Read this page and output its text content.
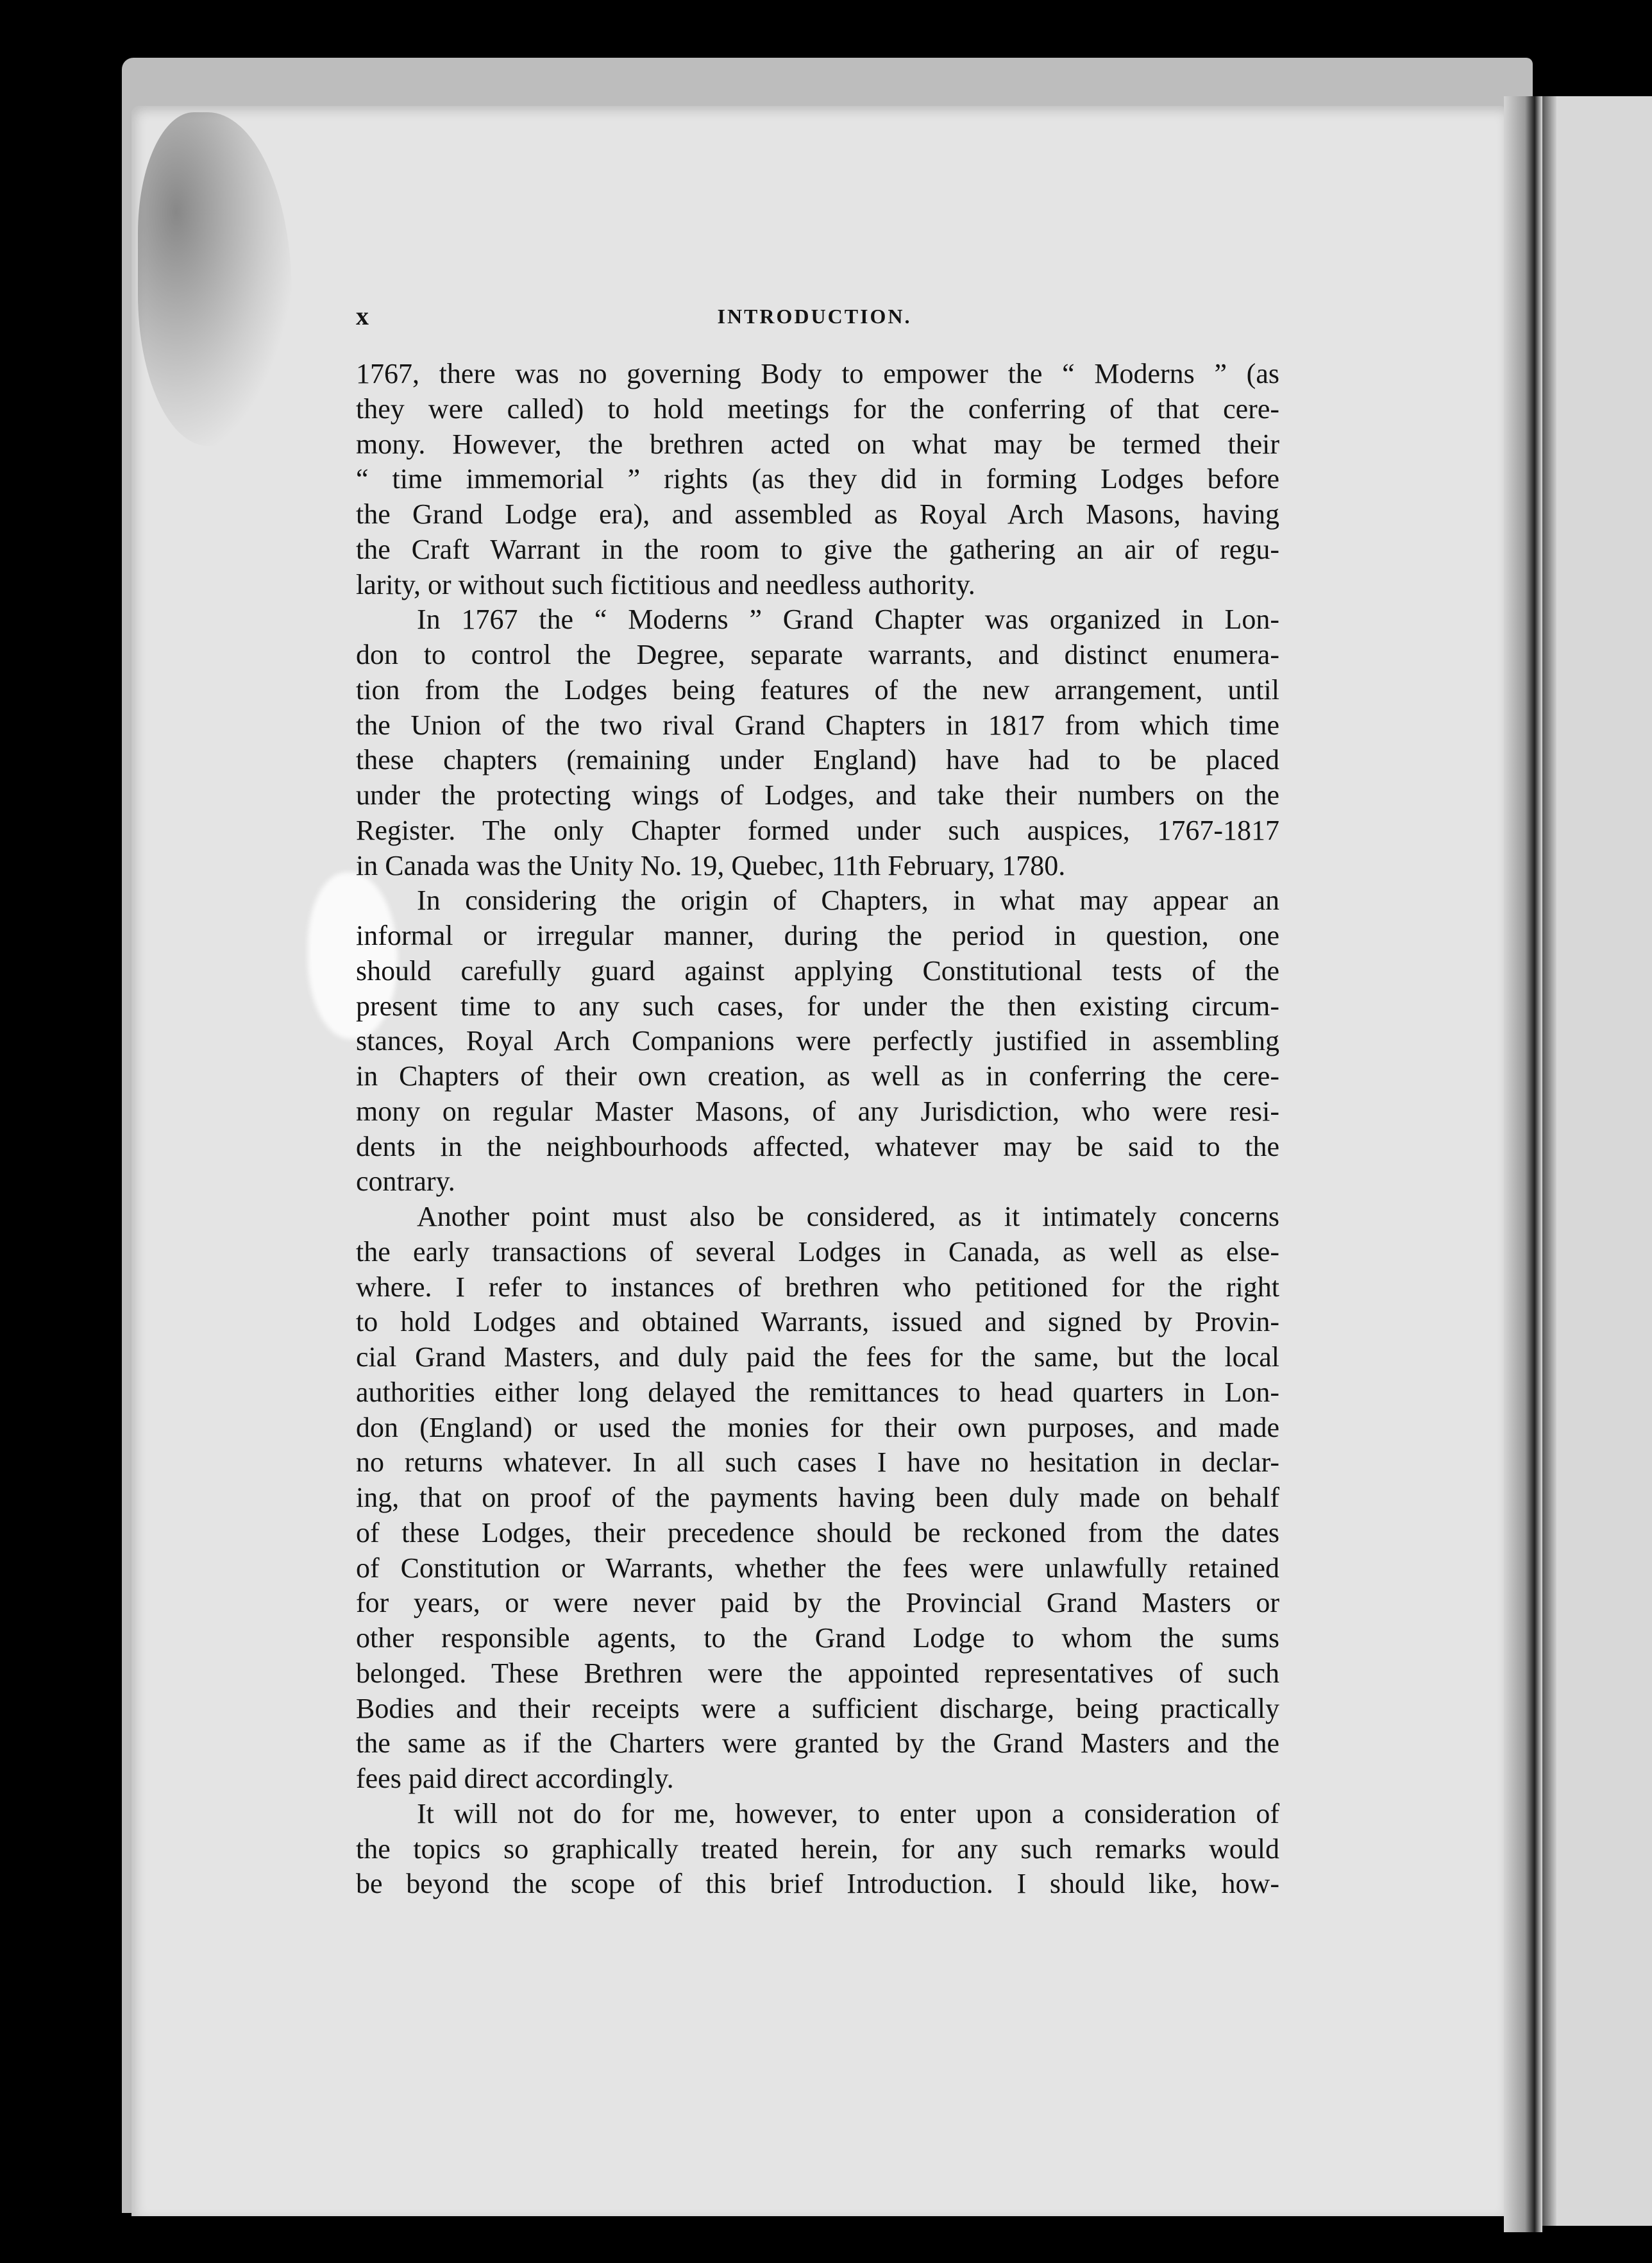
x	INTRODUCTION.
1767, there was no governing Body to empower the “ Moderns ” (as
they were called) to hold meetings for the conferring of that cere-
mony. However, the brethren acted on what may be termed their
“ time immemorial ” rights (as they did in forming Lodges before
the Grand Lodge era), and assembled as Royal Arch Masons, having
the Craft Warrant in the room to give the gathering an air of regu-
larity, or without such fictitious and needless authority.
In 1767 the “ Moderns ” Grand Chapter was organized in Lon-
don to control the Degree, separate warrants, and distinct enumera-
tion from the Lodges being features of the new arrangement, until
the Union of the two rival Grand Chapters in 1817 from which time
these chapters (remaining under England) have had to be placed
under the protecting wings of Lodges, and take their numbers on the
Register. The only Chapter formed under such auspices, 1767-1817
in Canada was the Unity No. 19, Quebec, 11th February, 1780.
In considering the origin of Chapters, in what may appear an
informal or irregular manner, during the period in question, one
should carefully guard against applying Constitutional tests of the
present time to any such cases, for under the then existing circum-
stances, Royal Arch Companions were perfectly justified in assembling
in Chapters of their own creation, as well as in conferring the cere-
mony on regular Master Masons, of any Jurisdiction, who were resi-
dents in the neighbourhoods affected, whatever may be said to the
contrary.
Another point must also be considered, as it intimately concerns
the early transactions of several Lodges in Canada, as well as else-
where. I refer to instances of brethren who petitioned for the right
to hold Lodges and obtained Warrants, issued and signed by Provin-
cial Grand Masters, and duly paid the fees for the same, but the local
authorities either long delayed the remittances to head quarters in Lon-
don (England) or used the monies for their own purposes, and made
no returns whatever. In all such cases I have no hesitation in declar-
ing, that on proof of the payments having been duly made on behalf
of these Lodges, their precedence should be reckoned from the dates
of Constitution or Warrants, whether the fees were unlawfully retained
for years, or were never paid by the Provincial Grand Masters or
other responsible agents, to the Grand Lodge to whom the sums
belonged. These Brethren were the appointed representatives of such
Bodies and their receipts were a sufficient discharge, being practically
the same as if the Charters were granted by the Grand Masters and the
fees paid direct accordingly.
It will not do for me, however, to enter upon a consideration of
the topics so graphically treated herein, for any such remarks would
be beyond the scope of this brief Introduction. I should like, how-
